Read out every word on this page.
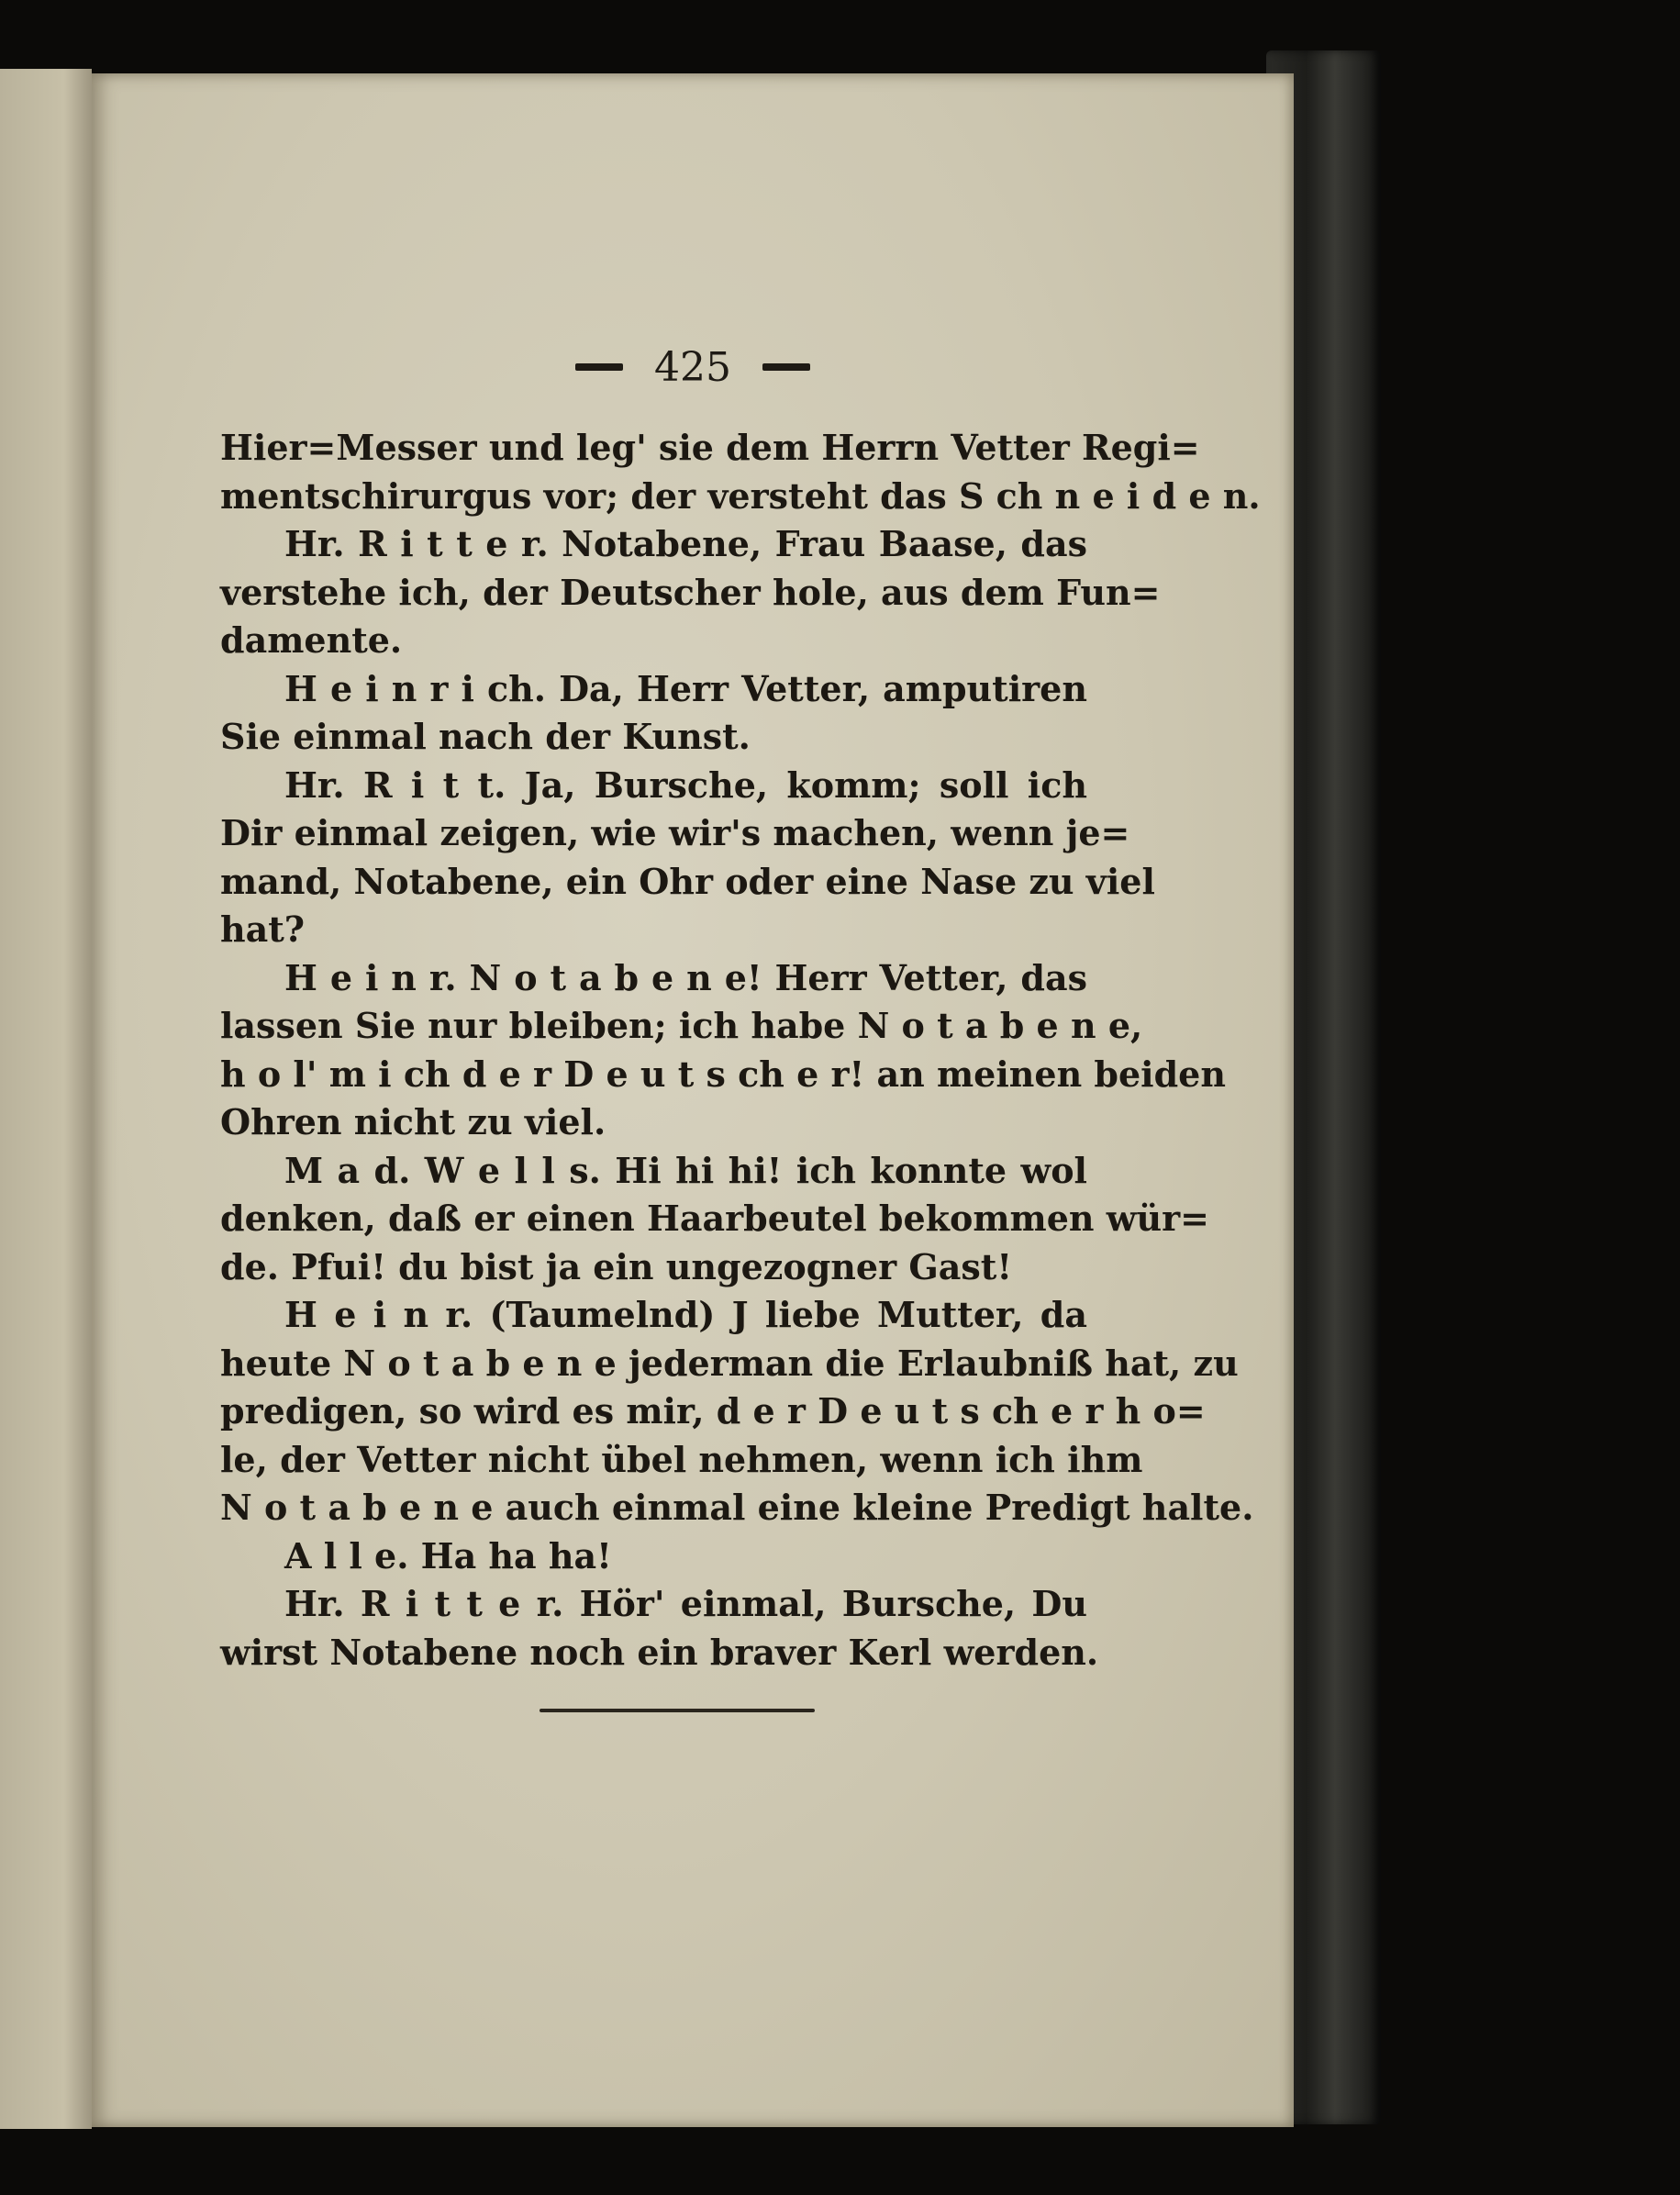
425
Hier=Messer und leg' sie dem Herrn Vetter Regi=
mentschirurgus vor; der versteht das S ch n e i d e n.
Hr. R i t t e r. Notabene, Frau Baase, das
verstehe ich, der Deutscher hole, aus dem Fun=
damente.
H e i n r i ch. Da, Herr Vetter, amputiren
Sie einmal nach der Kunst.
Hr. R i t t. Ja, Bursche, komm; soll ich
Dir einmal zeigen, wie wir's machen, wenn je=
mand, Notabene, ein Ohr oder eine Nase zu viel
hat?
H e i n r. N o t a b e n e! Herr Vetter, das
lassen Sie nur bleiben; ich habe N o t a b e n e,
h o l' m i ch d e r D e u t s ch e r! an meinen beiden
Ohren nicht zu viel.
M a d. W e l l s. Hi hi hi! ich konnte wol
denken, daß er einen Haarbeutel bekommen wür=
de. Pfui! du bist ja ein ungezogner Gast!
H e i n r. (Taumelnd) J liebe Mutter, da
heute N o t a b e n e jederman die Erlaubniß hat, zu
predigen, so wird es mir, d e r D e u t s ch e r h o=
le, der Vetter nicht übel nehmen, wenn ich ihm
N o t a b e n e auch einmal eine kleine Predigt halte.
A l l e. Ha ha ha!
Hr. R i t t e r. Hör' einmal, Bursche, Du
wirst Notabene noch ein braver Kerl werden.
